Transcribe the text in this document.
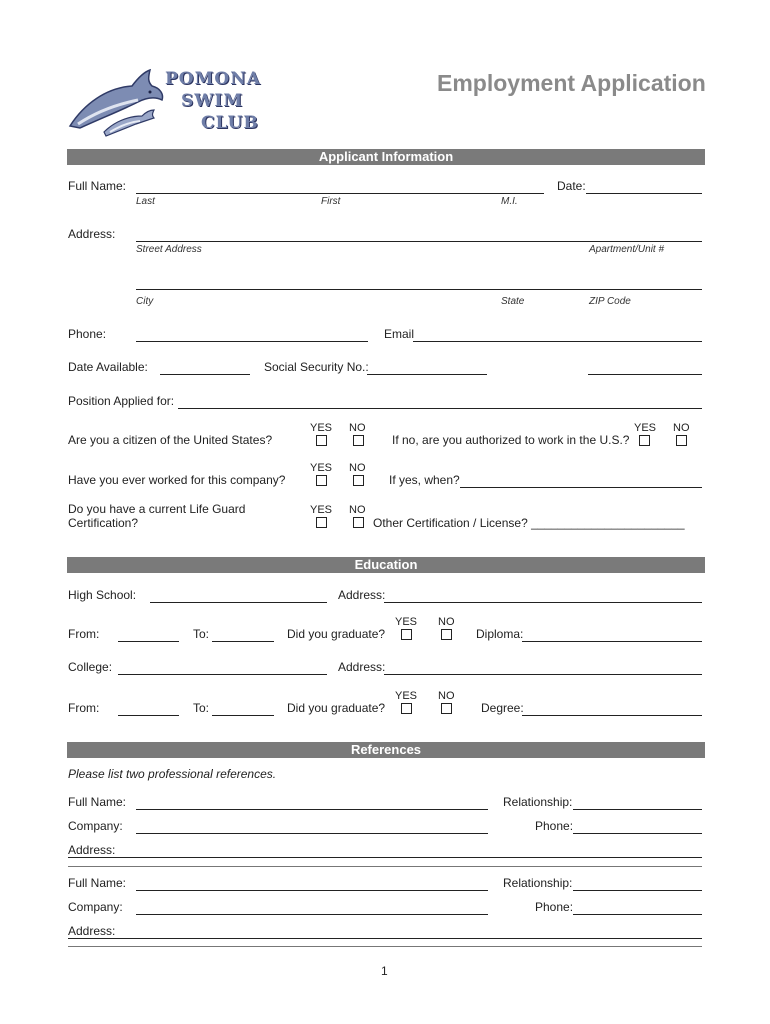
POMONA
SWIM
CLUB
Employment Application
Applicant Information
Full Name:	Date:
Last	First	M.I.
Address:
Street Address	Apartment/Unit #
City	State	ZIP Code
Phone:	Email
Date Available:	Social Security No.:
Position Applied for:
YES NO
Are you a citizen of the United States?
YES NO
If no, are you authorized to work in the U.S.?
YES NO
Have you ever worked for this company?	If yes, when?
Do you have a current Life Guard
Certification?
YES NO
Other Certification / License? _______________________
Education
High School:	Address:
YES NO
From:	To:	Did you graduate?	Diploma:
College:	Address:
YES NO
From:	To:	Did you graduate?	Degree:
References
Please list two professional references.
Full Name:	Relationship:
Company:	Phone:
Address:
Full Name:	Relationship:
Company:	Phone:
Address:
1
